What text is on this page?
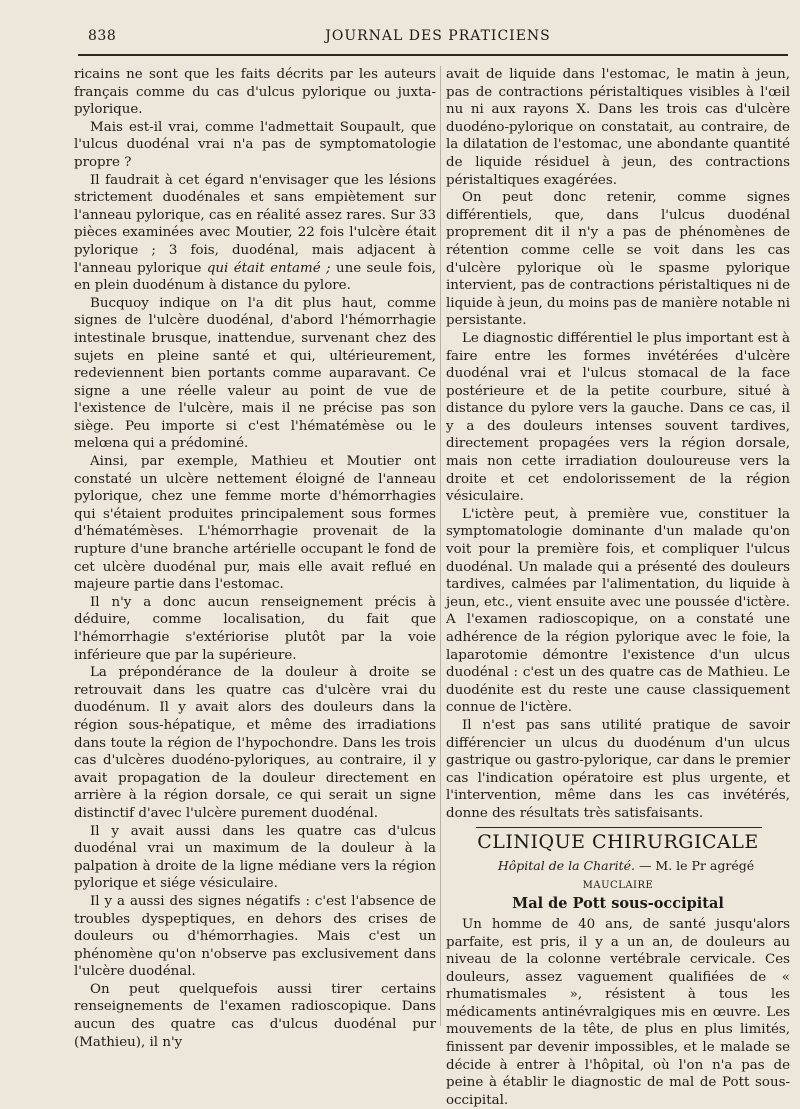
838	JOURNAL DES PRATICIENS

ricains ne sont que les faits décrits par les auteurs français comme du cas d'ulcus pylorique ou juxta-pylorique.

Mais est-il vrai, comme l'admettait Soupault, que l'ulcus duodénal vrai n'a pas de symptomatologie propre ?

Il faudrait à cet égard n'envisager que les lésions strictement duodénales et sans empiètement sur l'anneau pylorique, cas en réalité assez rares. Sur 33 pièces examinées avec Moutier, 22 fois l'ulcère était pylorique ; 3 fois, duodénal, mais adjacent à l'anneau pylorique qui était entamé ; une seule fois, en plein duodénum à distance du pylore.

Bucquoy indique on l'a dit plus haut, comme signes de l'ulcère duodénal, d'abord l'hémorrhagie intestinale brusque, inattendue, survenant chez des sujets en pleine santé et qui, ultérieurement, redeviennent bien portants comme auparavant. Ce signe a une réelle valeur au point de vue de l'existence de l'ulcère, mais il ne précise pas son siège. Peu importe si c'est l'hématémèse ou le melœna qui a prédominé.

Ainsi, par exemple, Mathieu et Moutier ont constaté un ulcère nettement éloigné de l'anneau pylorique, chez une femme morte d'hémorrhagies qui s'étaient produites principalement sous formes d'hématémèses. L'hémorrhagie provenait de la rupture d'une branche artérielle occupant le fond de cet ulcère duodénal pur, mais elle avait reflué en majeure partie dans l'estomac.

Il n'y a donc aucun renseignement précis à déduire, comme localisation, du fait que l'hémorrhagie s'extériorise plutôt par la voie inférieure que par la supérieure.

La prépondérance de la douleur à droite se retrouvait dans les quatre cas d'ulcère vrai du duodénum. Il y avait alors des douleurs dans la région sous-hépatique, et même des irradiations dans toute la région de l'hypochondre. Dans les trois cas d'ulcères duodéno-pyloriques, au contraire, il y avait propagation de la douleur directement en arrière à la région dorsale, ce qui serait un signe distinctif d'avec l'ulcère purement duodénal.

Il y avait aussi dans les quatre cas d'ulcus duodénal vrai un maximum de la douleur à la palpation à droite de la ligne médiane vers la région pylorique et siége vésiculaire.

Il y a aussi des signes négatifs : c'est l'absence de troubles dyspeptiques, en dehors des crises de douleurs ou d'hémorrhagies. Mais c'est un phénomène qu'on n'observe pas exclusivement dans l'ulcère duodénal.

On peut quelquefois aussi tirer certains renseignements de l'examen radioscopique. Dans aucun des quatre cas d'ulcus duodénal pur (Mathieu), il n'y

avait de liquide dans l'estomac, le matin à jeun, pas de contractions péristaltiques visibles à l'œil nu ni aux rayons X. Dans les trois cas d'ulcère duodéno-pylorique on constatait, au contraire, de la dilatation de l'estomac, une abondante quantité de liquide résiduel à jeun, des contractions péristaltiques exagérées.

On peut donc retenir, comme signes différentiels, que, dans l'ulcus duodénal proprement dit il n'y a pas de phénomènes de rétention comme celle se voit dans les cas d'ulcère pylorique où le spasme pylorique intervient, pas de contractions péristaltiques ni de liquide à jeun, du moins pas de manière notable ni persistante.

Le diagnostic différentiel le plus important est à faire entre les formes invétérées d'ulcère duodénal vrai et l'ulcus stomacal de la face postérieure et de la petite courbure, situé à distance du pylore vers la gauche. Dans ce cas, il y a des douleurs intenses souvent tardives, directement propagées vers la région dorsale, mais non cette irradiation douloureuse vers la droite et cet endolorissement de la région vésiculaire.

L'ictère peut, à première vue, constituer la symptomatologie dominante d'un malade qu'on voit pour la première fois, et compliquer l'ulcus duodénal. Un malade qui a présenté des douleurs tardives, calmées par l'alimentation, du liquide à jeun, etc., vient ensuite avec une poussée d'ictère. A l'examen radioscopique, on a constaté une adhérence de la région pylorique avec le foie, la laparotomie démontre l'existence d'un ulcus duodénal : c'est un des quatre cas de Mathieu. Le duodénite est du reste une cause classiquement connue de l'ictère.

Il n'est pas sans utilité pratique de savoir différencier un ulcus du duodénum d'un ulcus gastrique ou gastro-pylorique, car dans le premier cas l'indication opératoire est plus urgente, et l'intervention, même dans les cas invétérés, donne des résultats très satisfaisants.

CLINIQUE CHIRURGICALE

Hôpital de la Charité. — M. le Pr agrégé MAUCLAIRE

Mal de Pott sous-occipital

Un homme de 40 ans, de santé jusqu'alors parfaite, est pris, il y a un an, de douleurs au niveau de la colonne vertébrale cervicale. Ces douleurs, assez vaguement qualifiées de « rhumatismales », résistent à tous les médicaments antinévralgiques mis en œuvre. Les mouvements de la tête, de plus en plus limités, finissent par devenir impossibles, et le malade se décide à entrer à l'hôpital, où l'on n'a pas de peine à établir le diagnostic de mal de Pott sous-occipital.
